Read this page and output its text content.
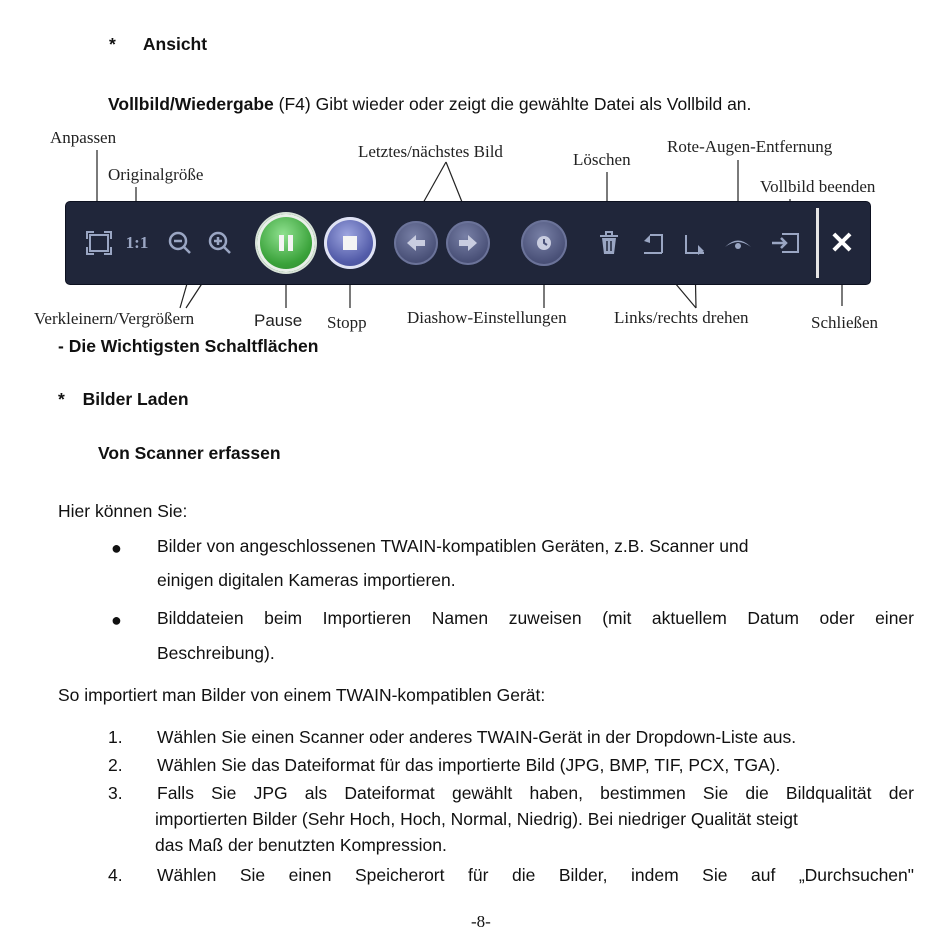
* Ansicht
Vollbild/Wiedergabe (F4) Gibt wieder oder zeigt die gewählte Datei als Vollbild an.
Anpassen
Originalgröße
Letztes/nächstes Bild	Löschen
Rote-Augen-Entfernung
Vollbild beenden
1:1	✕
Verkleinern/Vergrößern	Pause Stopp Diashow-Einstellungen	Links/rechts drehen	Schließen
- Die Wichtigsten Schaltflächen
* Bilder Laden
Von Scanner erfassen
Hier können Sie:
● Bilder von angeschlossenen TWAIN-kompatiblen Geräten, z.B. Scanner und
einigen digitalen Kameras importieren.
● Bilddateien beim Importieren Namen zuweisen (mit aktuellem Datum oder einer
Beschreibung).
So importiert man Bilder von einem TWAIN-kompatiblen Gerät:
1. Wählen Sie einen Scanner oder anderes TWAIN-Gerät in der Dropdown-Liste aus.
2. Wählen Sie das Dateiformat für das importierte Bild (JPG, BMP, TIF, PCX, TGA).
3. Falls Sie JPG als Dateiformat gewählt haben, bestimmen Sie die Bildqualität der
importierten Bilder (Sehr Hoch, Hoch, Normal, Niedrig). Bei niedriger Qualität steigt
das Maß der benutzten Kompression.
4. Wählen Sie einen Speicherort für die Bilder, indem Sie auf „Durchsuchen"
-8-
